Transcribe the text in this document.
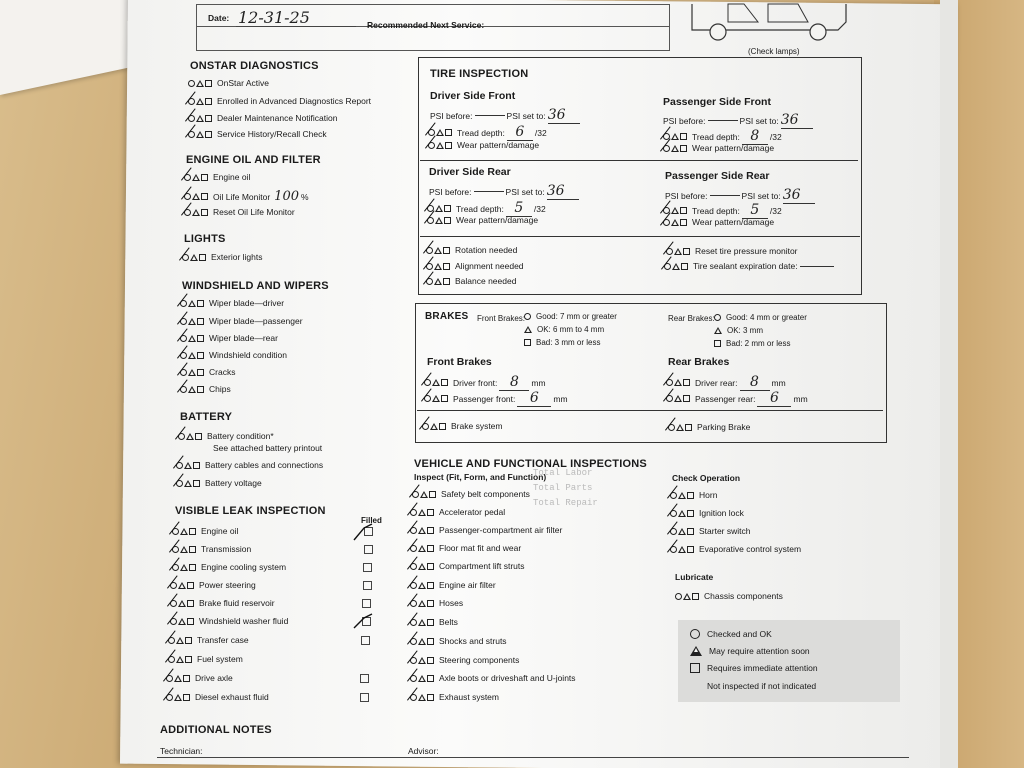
Date: 12-31-25	Recommended Next Service:
(Check lamps)
ONSTAR DIAGNOSTICS
OnStar Active
Enrolled in Advanced Diagnostics Report
Dealer Maintenance Notification
Service History/Recall Check
ENGINE OIL AND FILTER
Engine oil
Oil Life Monitor 100 %
Reset Oil Life Monitor
LIGHTS
Exterior lights
WINDSHIELD AND WIPERS
Wiper blade—driver
Wiper blade—passenger
Wiper blade—rear
Windshield condition
Cracks
Chips
BATTERY
Battery condition*
See attached battery printout
Battery cables and connections
Battery voltage
VISIBLE LEAK INSPECTION
Filled
Engine oil
Transmission
Engine cooling system
Power steering
Brake fluid reservoir
Windshield washer fluid
Transfer case
Fuel system
Drive axle
Diesel exhaust fluid
TIRE INSPECTION
Driver Side Front
PSI before:	PSI set to: 36
Tread depth: 6	/32
Wear pattern/damage
Passenger Side Front
PSI before:	PSI set to: 36
Tread depth: 8	/32
Wear pattern/damage
Driver Side Rear
PSI before:	PSI set to: 36
Tread depth: 5	/32
Wear pattern/damage
Passenger Side Rear
PSI before:	PSI set to: 36
Tread depth: 5	/32
Wear pattern/damage
Rotation needed
Alignment needed
Balance needed
Reset tire pressure monitor
Tire sealant expiration date:
BRAKES Front Brakes: Good: 7 mm or greater
OK: 6 mm to 4 mm
Bad: 3 mm or less
Rear Brakes: Good: 4 mm or greater
OK: 3 mm
Bad: 2 mm or less
Front Brakes
Driver front: 8	mm
Passenger front:	6	mm
Rear Brakes
Driver rear: 8	mm
Passenger rear:	6	mm
Brake system	Parking Brake
Total Labor
Total Parts
Total Repair
VEHICLE AND FUNCTIONAL INSPECTIONS
Inspect (Fit, Form, and Function)
Safety belt components
Accelerator pedal
Passenger-compartment air filter
Floor mat fit and wear
Compartment lift struts
Engine air filter
Hoses
Belts
Shocks and struts
Steering components
Axle boots or driveshaft and U-joints
Exhaust system
Check Operation
Horn
Ignition lock
Starter switch
Evaporative control system
Lubricate
Chassis components
Checked and OK
May require attention soon
Requires immediate attention
Not inspected if not indicated
ADDITIONAL NOTES
Technician:	Advisor:
